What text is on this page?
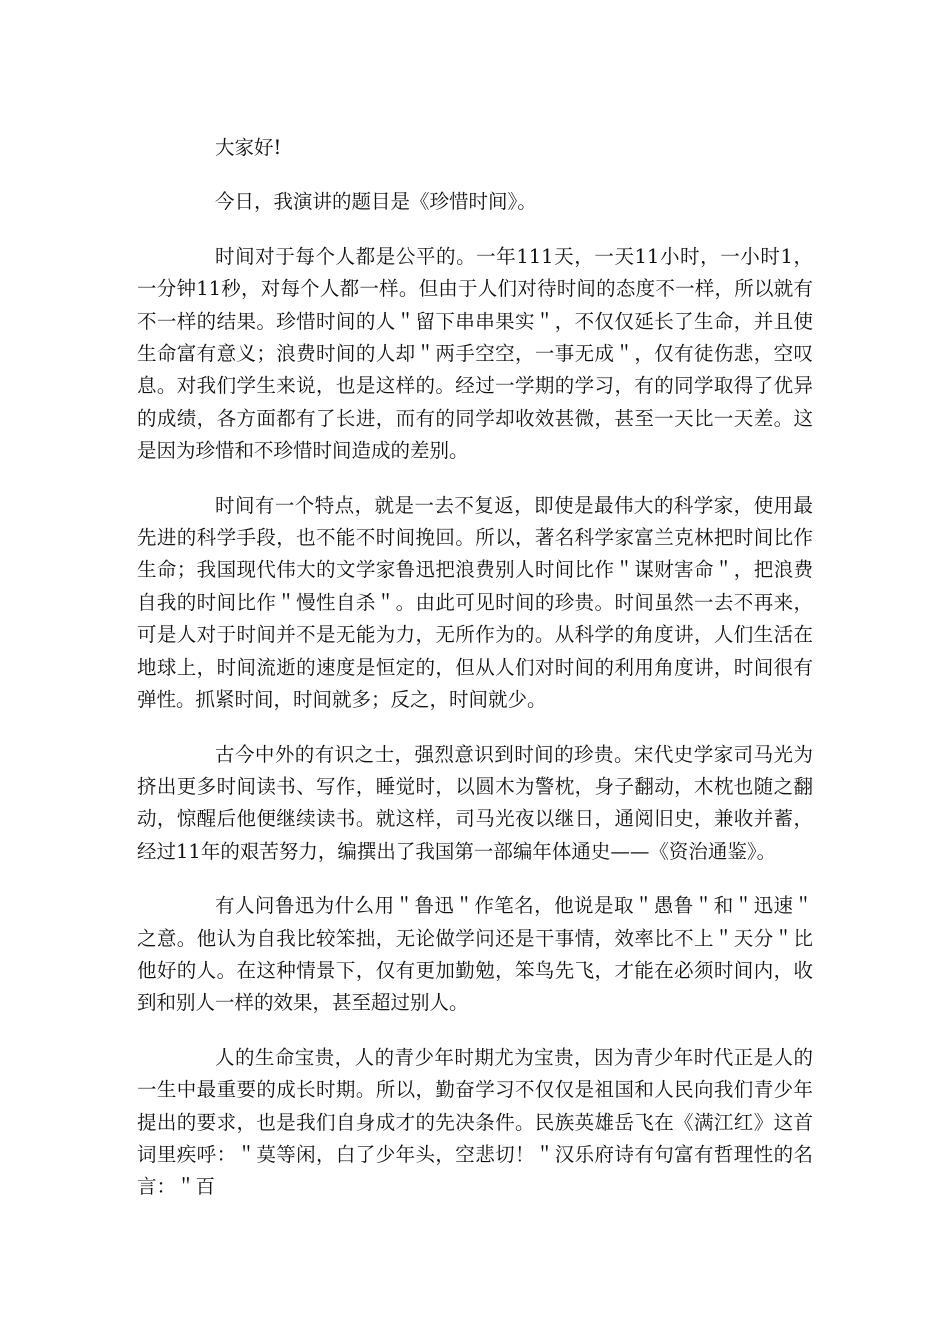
大家好!

今日，我演讲的题目是《珍惜时间》。

时间对于每个人都是公平的。一年111天，一天11小时，一小时1，一分钟11秒，对每个人都一样。但由于人们对待时间的态度不一样，所以就有不一样的结果。珍惜时间的人＂留下串串果实＂，不仅仅延长了生命，并且使生命富有意义；浪费时间的人却＂两手空空，一事无成＂，仅有徒伤悲，空叹息。对我们学生来说，也是这样的。经过一学期的学习，有的同学取得了优异的成绩，各方面都有了长进，而有的同学却收效甚微，甚至一天比一天差。这是因为珍惜和不珍惜时间造成的差别。

时间有一个特点，就是一去不复返，即使是最伟大的科学家，使用最先进的科学手段，也不能不时间挽回。所以，著名科学家富兰克林把时间比作生命；我国现代伟大的文学家鲁迅把浪费别人时间比作＂谋财害命＂，把浪费自我的时间比作＂慢性自杀＂。由此可见时间的珍贵。时间虽然一去不再来，可是人对于时间并不是无能为力，无所作为的。从科学的角度讲，人们生活在地球上，时间流逝的速度是恒定的，但从人们对时间的利用角度讲，时间很有弹性。抓紧时间，时间就多；反之，时间就少。

古今中外的有识之士，强烈意识到时间的珍贵。宋代史学家司马光为挤出更多时间读书、写作，睡觉时，以圆木为警枕，身子翻动，木枕也随之翻动，惊醒后他便继续读书。就这样，司马光夜以继日，通阅旧史，兼收并蓄，经过11年的艰苦努力，编撰出了我国第一部编年体通史——《资治通鉴》。

有人问鲁迅为什么用＂鲁迅＂作笔名，他说是取＂愚鲁＂和＂迅速＂之意。他认为自我比较笨拙，无论做学问还是干事情，效率比不上＂天分＂比他好的人。在这种情景下，仅有更加勤勉，笨鸟先飞，才能在必须时间内，收到和别人一样的效果，甚至超过别人。

人的生命宝贵，人的青少年时期尤为宝贵，因为青少年时代正是人的一生中最重要的成长时期。所以，勤奋学习不仅仅是祖国和人民向我们青少年提出的要求，也是我们自身成才的先决条件。民族英雄岳飞在《满江红》这首词里疾呼：＂莫等闲，白了少年头，空悲切！＂汉乐府诗有句富有哲理性的名言：＂百
